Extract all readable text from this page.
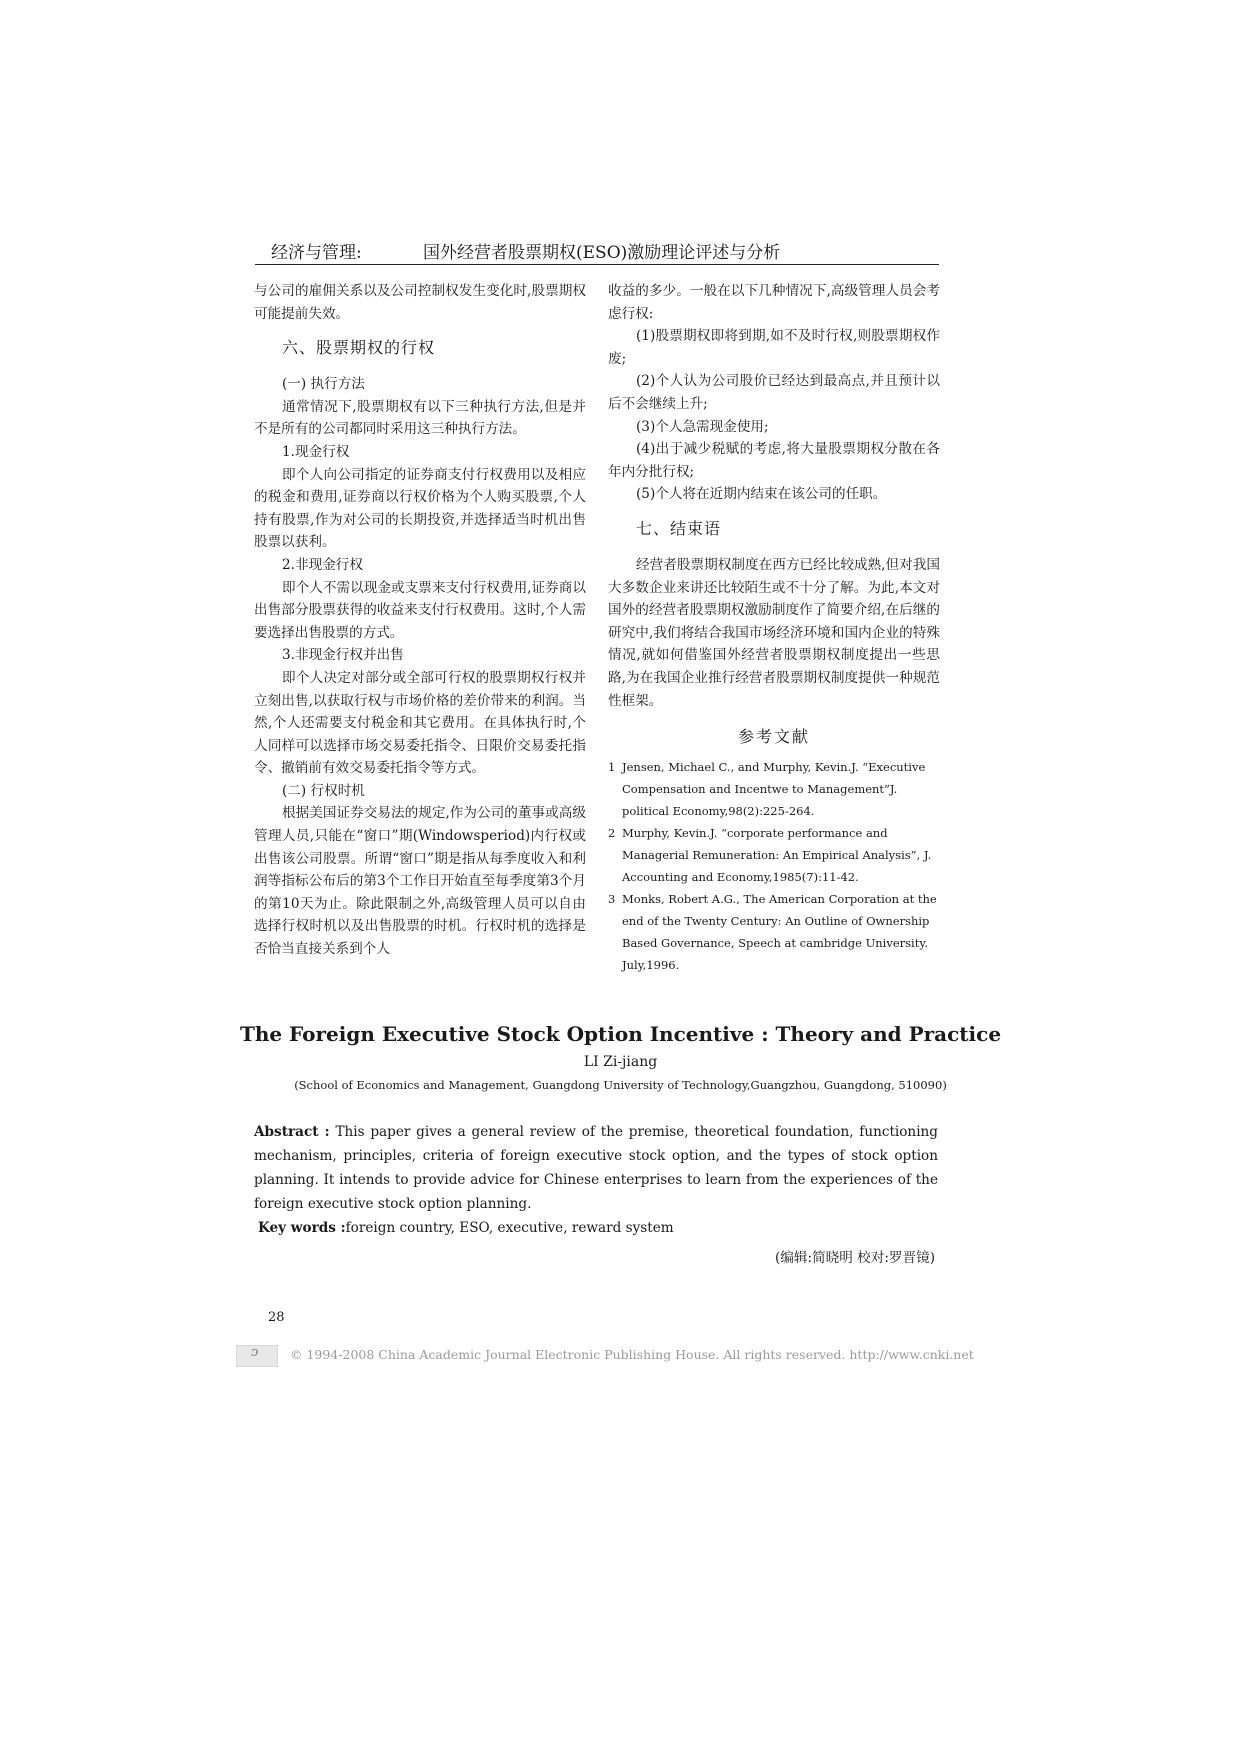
经济与管理:	国外经营者股票期权(ESO)激励理论评述与分析

与公司的雇佣关系以及公司控制权发生变化时,股票期权可能提前失效。

六、股票期权的行权
(一) 执行方法

通常情况下,股票期权有以下三种执行方法,但是并不是所有的公司都同时采用这三种执行方法。

1.现金行权

即个人向公司指定的证券商支付行权费用以及相应的税金和费用,证券商以行权价格为个人购买股票,个人持有股票,作为对公司的长期投资,并选择适当时机出售股票以获利。

2.非现金行权

即个人不需以现金或支票来支付行权费用,证券商以出售部分股票获得的收益来支付行权费用。这时,个人需要选择出售股票的方式。

3.非现金行权并出售

即个人决定对部分或全部可行权的股票期权行权并立刻出售,以获取行权与市场价格的差价带来的利润。当然,个人还需要支付税金和其它费用。在具体执行时,个人同样可以选择市场交易委托指令、日限价交易委托指令、撤销前有效交易委托指令等方式。

(二) 行权时机

根据美国证券交易法的规定,作为公司的董事或高级管理人员,只能在“窗口”期(Windowsperiod)内行权或出售该公司股票。所谓“窗口”期是指从每季度收入和利润等指标公布后的第3个工作日开始直至每季度第3个月的第10天为止。除此限制之外,高级管理人员可以自由选择行权时机以及出售股票的时机。行权时机的选择是否恰当直接关系到个人

收益的多少。一般在以下几种情况下,高级管理人员会考虑行权:

(1)股票期权即将到期,如不及时行权,则股票期权作废;

(2)个人认为公司股价已经达到最高点,并且预计以后不会继续上升;

(3)个人急需现金使用;

(4)出于减少税赋的考虑,将大量股票期权分散在各年内分批行权;

(5)个人将在近期内结束在该公司的任职。

七、结束语

经营者股票期权制度在西方已经比较成熟,但对我国大多数企业来讲还比较陌生或不十分了解。为此,本文对国外的经营者股票期权激励制度作了简要介绍,在后继的研究中,我们将结合我国市场经济环境和国内企业的特殊情况,就如何借鉴国外经营者股票期权制度提出一些思路,为在我国企业推行经营者股票期权制度提供一种规范性框架。

参考文献
1 Jensen, Michael C., and Murphy, Kevin.J. “Executive Compensation and Incentwe to Management”J. political Economy,98(2):225-264.
2 Murphy, Kevin.J. “corporate performance and Managerial Remuneration: An Empirical Analysis”, J. Accounting and Economy,1985(7):11-42.
3 Monks, Robert A.G., The American Corporation at the end of the Twenty Century: An Outline of Ownership Based Governance, Speech at cambridge University. July,1996.
The Foreign Executive Stock Option Incentive : Theory and Practice
LI Zi-jiang
(School of Economics and Management, Guangdong University of Technology,Guangzhou, Guangdong, 510090)
Abstract : This paper gives a general review of the premise, theoretical foundation, functioning mechanism, principles, criteria of foreign executive stock option, and the types of stock option planning. It intends to provide advice for Chinese enterprises to learn from the experiences of the foreign executive stock option planning.
Key words :foreign country, ESO, executive, reward system
(编辑:简晓明 校对:罗晋镜)
28
ↄ	© 1994-2008 China Academic Journal Electronic Publishing House. All rights reserved. http://www.cnki.net
